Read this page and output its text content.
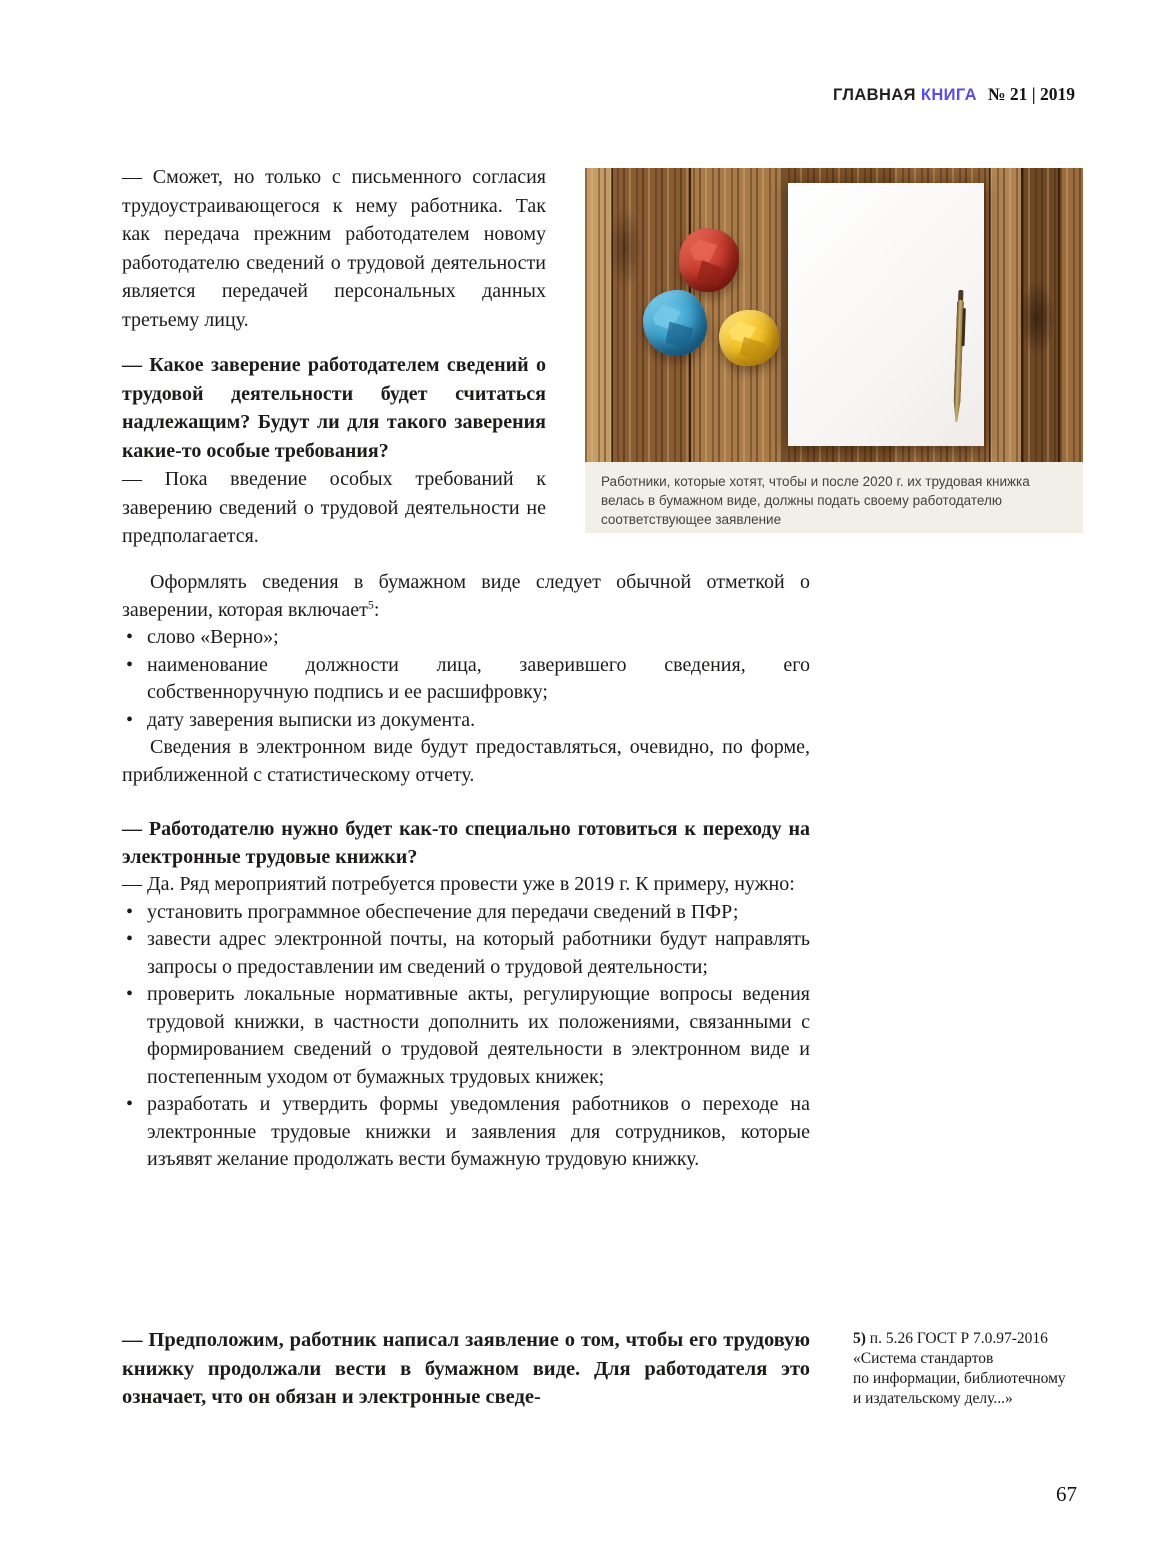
ГЛАВНАЯ КНИГА № 21 | 2019
Работники, которые хотят, чтобы и после 2020 г. их трудовая книжка велась в бумажном виде, должны подать своему работодателю соответствующее заявление

— Сможет, но только с письменного согласия трудоустраивающегося к нему работника. Так как передача прежним работодателем новому работодателю сведений о трудовой деятельности является передачей персональных данных третьему лицу.

— Какое заверение работодателем сведений о трудовой деятельности будет считаться надлежащим? Будут ли для такого заверения какие-то особые требования?

— Пока введение особых требований к заверению сведений о трудовой деятельности не предполагается.

Оформлять сведения в бумажном виде следует обычной отметкой о заверении, которая включает$^5$:

• слово «Верно»;
• наименование должности лица, заверившего сведения, его собственноручную подпись и ее расшифровку;
• дату заверения выписки из документа.

Сведения в электронном виде будут предоставляться, очевидно, по форме, приближенной с статистическому отчету.

— Работодателю нужно будет как-то специально готовиться к переходу на электронные трудовые книжки?

— Да. Ряд мероприятий потребуется провести уже в 2019 г. К примеру, нужно:

• установить программное обеспечение для передачи сведений в ПФР;
• завести адрес электронной почты, на который работники будут направлять запросы о предоставлении им сведений о трудовой деятельности;
• проверить локальные нормативные акты, регулирующие вопросы ведения трудовой книжки, в частности дополнить их положениями, связанными с формированием сведений о трудовой деятельности в электронном виде и постепенным уходом от бумажных трудовых книжек;
• разработать и утвердить формы уведомления работников о переходе на электронные трудовые книжки и заявления для сотрудников, которые изъявят желание продолжать вести бумажную трудовую книжку.
— Предположим, работник написал заявление о том, чтобы его трудовую книжку продолжали вести в бумажном виде. Для работодателя это означает, что он обязан и электронные сведе-
5) п. 5.26 ГОСТ Р 7.0.97-2016
«Система стандартов
по информации, библиотечному
и издательскому делу...»
67
